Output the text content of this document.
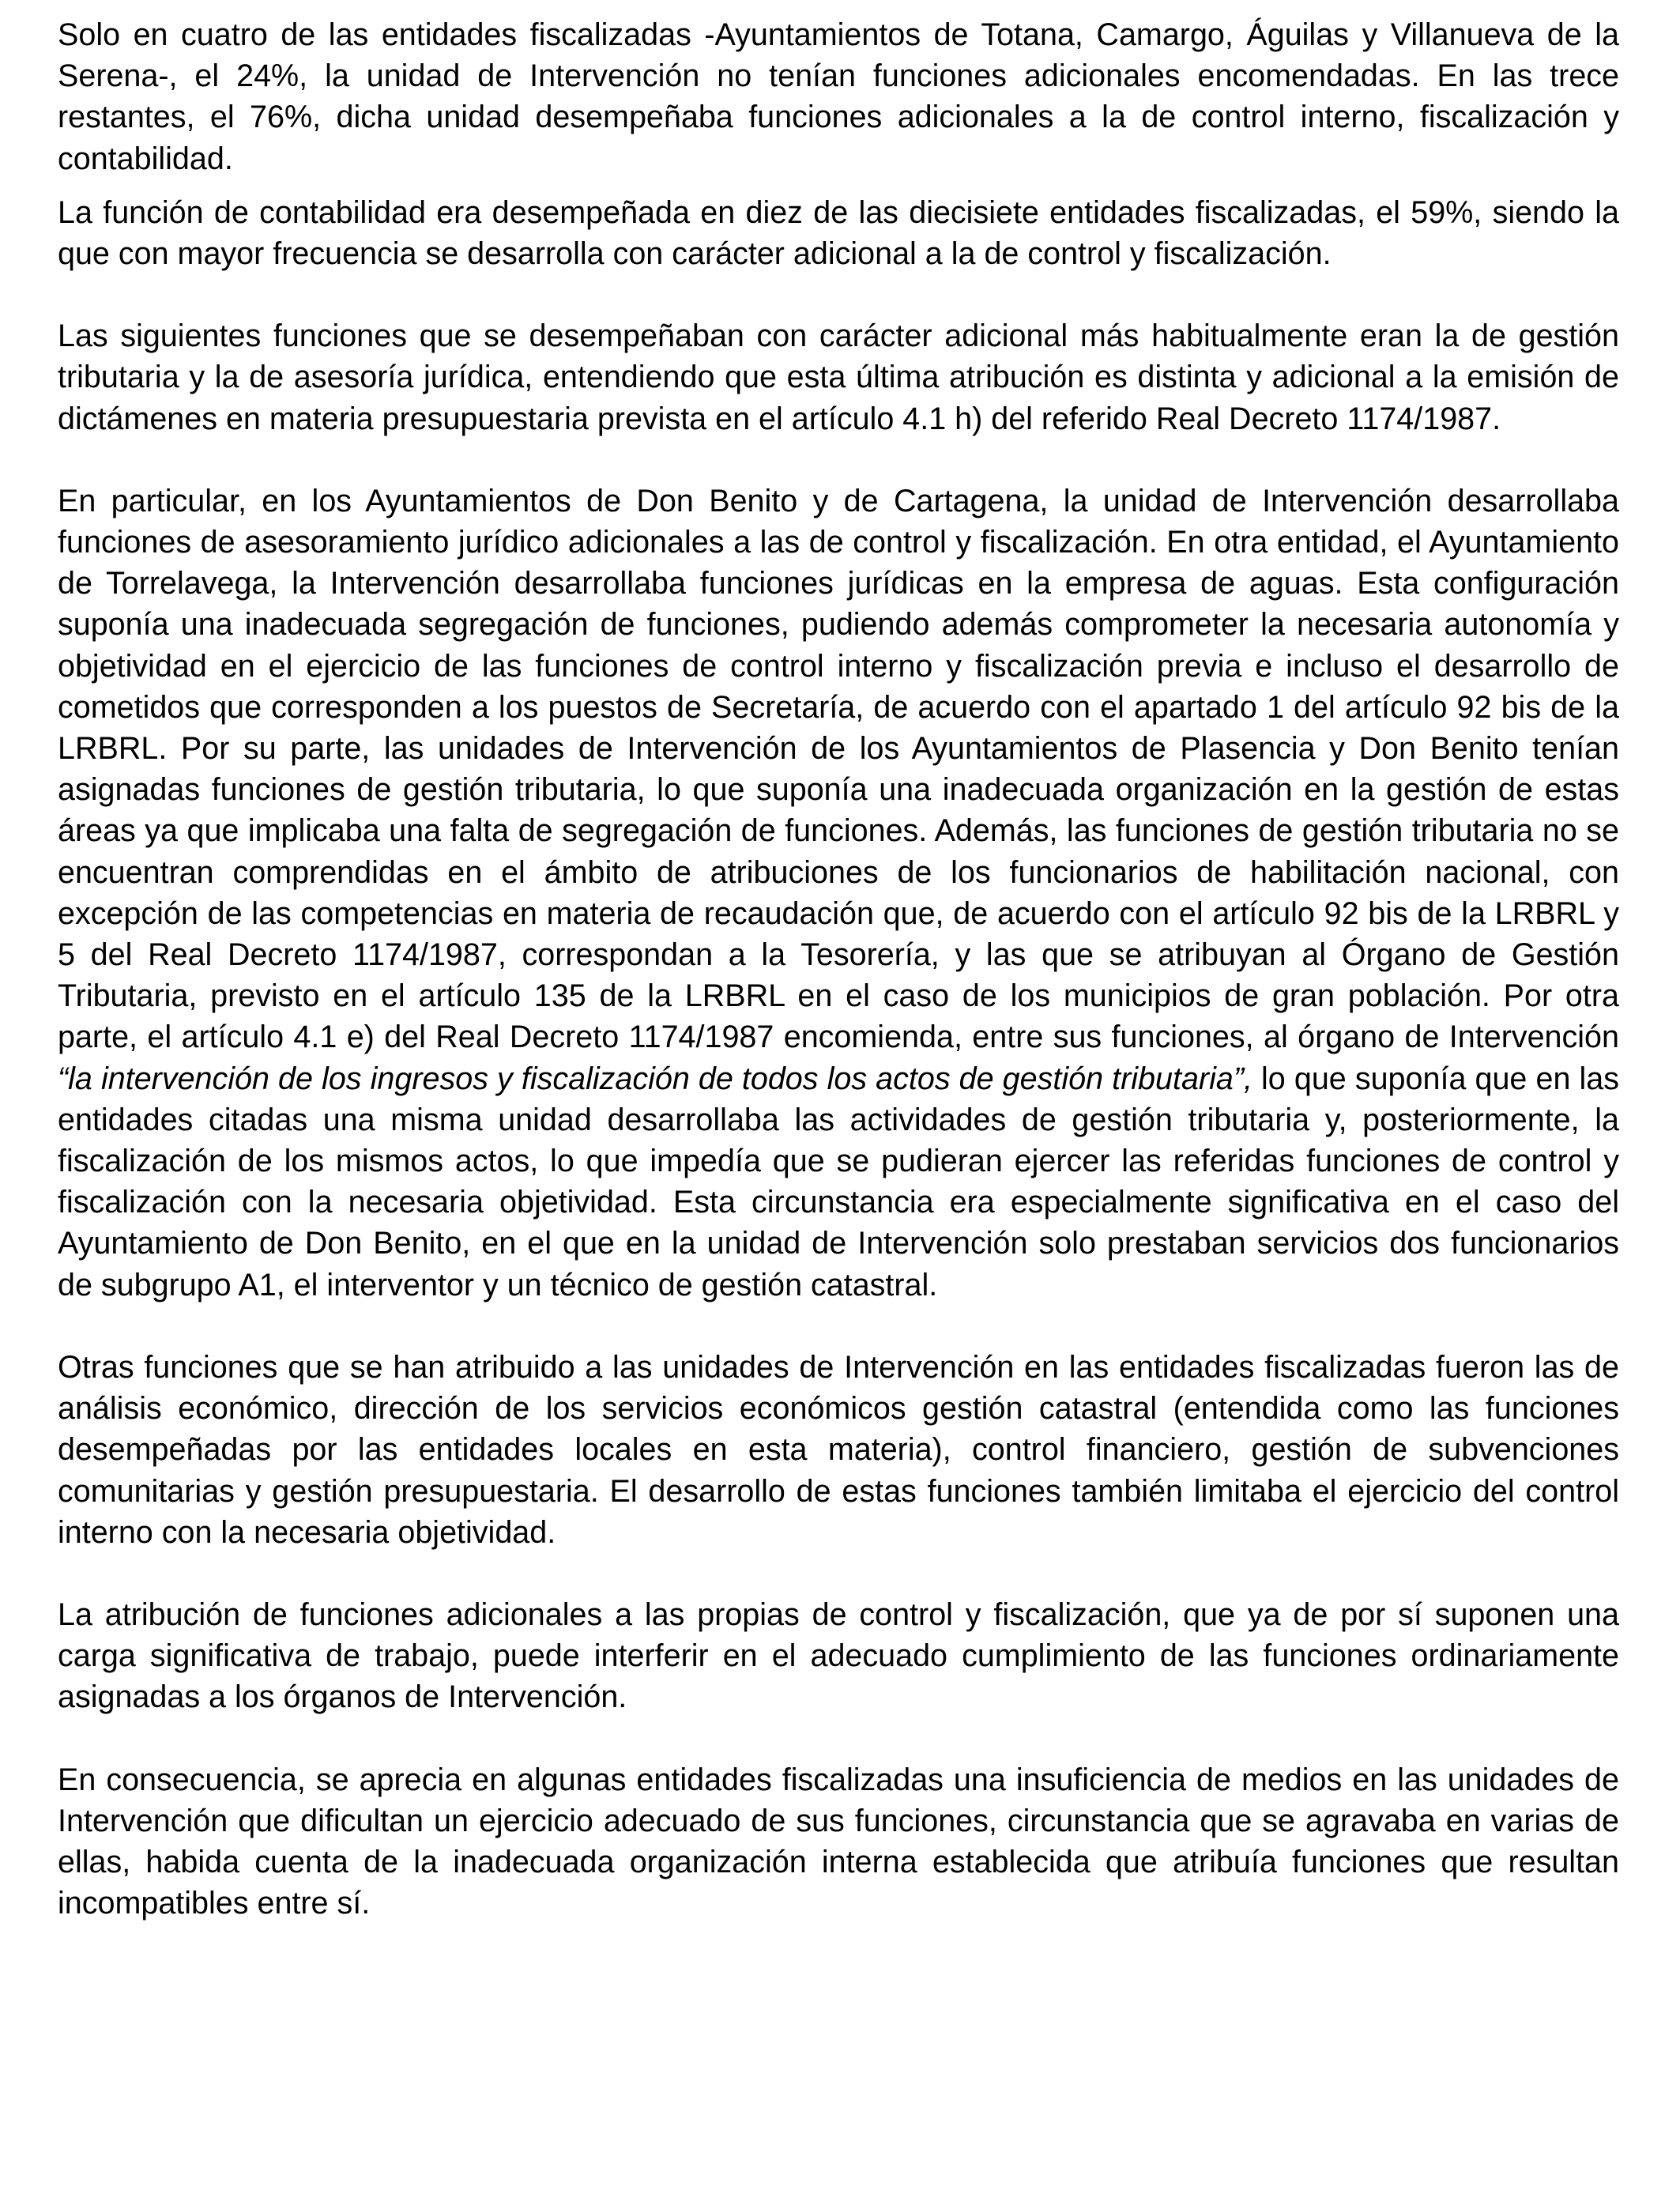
Solo en cuatro de las entidades fiscalizadas -Ayuntamientos de Totana, Camargo, Águilas y Villanueva de la Serena-, el 24%, la unidad de Intervención no tenían funciones adicionales encomendadas. En las trece restantes, el 76%, dicha unidad desempeñaba funciones adicionales a la de control interno, fiscalización y contabilidad.

La función de contabilidad era desempeñada en diez de las diecisiete entidades fiscalizadas, el 59%, siendo la que con mayor frecuencia se desarrolla con carácter adicional a la de control y fiscalización.

Las siguientes funciones que se desempeñaban con carácter adicional más habitualmente eran la de gestión tributaria y la de asesoría jurídica, entendiendo que esta última atribución es distinta y adicional a la emisión de dictámenes en materia presupuestaria prevista en el artículo 4.1 h) del referido Real Decreto 1174/1987.

En particular, en los Ayuntamientos de Don Benito y de Cartagena, la unidad de Intervención desarrollaba funciones de asesoramiento jurídico adicionales a las de control y fiscalización. En otra entidad, el Ayuntamiento de Torrelavega, la Intervención desarrollaba funciones jurídicas en la empresa de aguas. Esta configuración suponía una inadecuada segregación de funciones, pudiendo además comprometer la necesaria autonomía y objetividad en el ejercicio de las funciones de control interno y fiscalización previa e incluso el desarrollo de cometidos que corresponden a los puestos de Secretaría, de acuerdo con el apartado 1 del artículo 92 bis de la LRBRL. Por su parte, las unidades de Intervención de los Ayuntamientos de Plasencia y Don Benito tenían asignadas funciones de gestión tributaria, lo que suponía una inadecuada organización en la gestión de estas áreas ya que implicaba una falta de segregación de funciones. Además, las funciones de gestión tributaria no se encuentran comprendidas en el ámbito de atribuciones de los funcionarios de habilitación nacional, con excepción de las competencias en materia de recaudación que, de acuerdo con el artículo 92 bis de la LRBRL y 5 del Real Decreto 1174/1987, correspondan a la Tesorería, y las que se atribuyan al Órgano de Gestión Tributaria, previsto en el artículo 135 de la LRBRL en el caso de los municipios de gran población. Por otra parte, el artículo 4.1 e) del Real Decreto 1174/1987 encomienda, entre sus funciones, al órgano de Intervención “la intervención de los ingresos y fiscalización de todos los actos de gestión tributaria”, lo que suponía que en las entidades citadas una misma unidad desarrollaba las actividades de gestión tributaria y, posteriormente, la fiscalización de los mismos actos, lo que impedía que se pudieran ejercer las referidas funciones de control y fiscalización con la necesaria objetividad. Esta circunstancia era especialmente significativa en el caso del Ayuntamiento de Don Benito, en el que en la unidad de Intervención solo prestaban servicios dos funcionarios de subgrupo A1, el interventor y un técnico de gestión catastral.

Otras funciones que se han atribuido a las unidades de Intervención en las entidades fiscalizadas fueron las de análisis económico, dirección de los servicios económicos gestión catastral (entendida como las funciones desempeñadas por las entidades locales en esta materia), control financiero, gestión de subvenciones comunitarias y gestión presupuestaria. El desarrollo de estas funciones también limitaba el ejercicio del control interno con la necesaria objetividad.

La atribución de funciones adicionales a las propias de control y fiscalización, que ya de por sí suponen una carga significativa de trabajo, puede interferir en el adecuado cumplimiento de las funciones ordinariamente asignadas a los órganos de Intervención.

En consecuencia, se aprecia en algunas entidades fiscalizadas una insuficiencia de medios en las unidades de Intervención que dificultan un ejercicio adecuado de sus funciones, circunstancia que se agravaba en varias de ellas, habida cuenta de la inadecuada organización interna establecida que atribuía funciones que resultan incompatibles entre sí.
